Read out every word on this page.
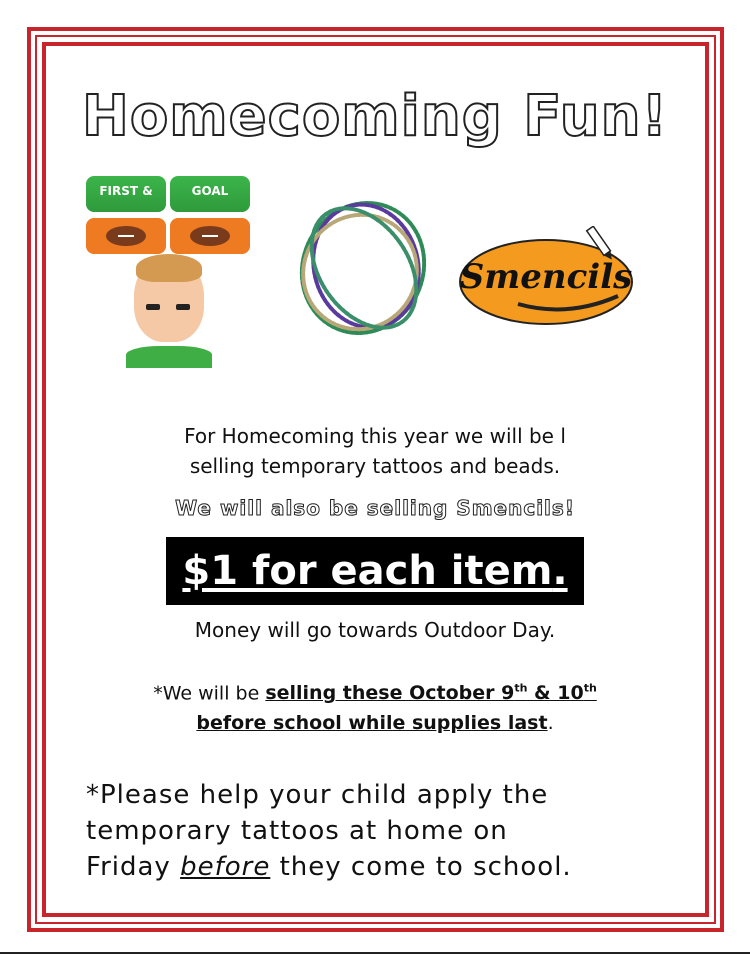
Homecoming Fun!
FIRST &	GOAL
Smencils
For Homecoming this year we will be l
selling temporary tattoos and beads.
We will also be selling Smencils!
$1 for each item.
Money will go towards Outdoor Day.
*We will be selling these October 9th & 10th
before school while supplies last.
*Please help your child apply the
temporary tattoos at home on
Friday before they come to school.
